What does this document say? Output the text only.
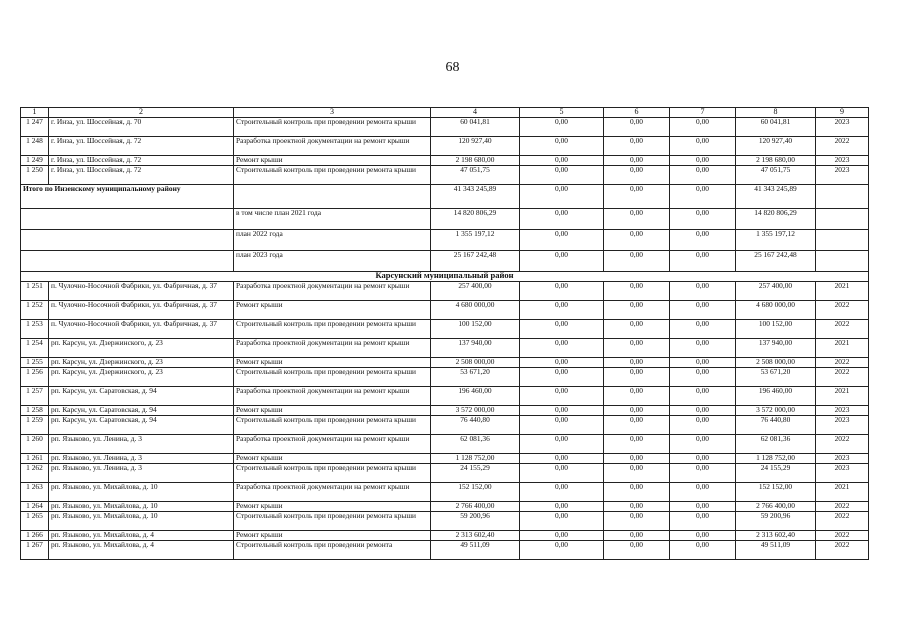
68
1	2	3	4	5	6	7	8	9
1 247	г. Инза, ул. Шоссейная, д. 70	Строительный контроль при проведении ремонта крыши	60 041,81	0,00	0,00	0,00	60 041,81	2023
1 248	г. Инза, ул. Шоссейная, д. 72	Разработка проектной документации на ремонт крыши	120 927,40	0,00	0,00	0,00	120 927,40	2022
1 249	г. Инза, ул. Шоссейная, д. 72	Ремонт крыши	2 198 680,00	0,00	0,00	0,00	2 198 680,00	2023
1 250	г. Инза, ул. Шоссейная, д. 72	Строительный контроль при проведении ремонта крыши	47 051,75	0,00	0,00	0,00	47 051,75	2023
Итого по Инзенскому муниципальному району			41 343 245,89	0,00	0,00	0,00	41 343 245,89	
		в том числе план 2021 года	14 820 806,29	0,00	0,00	0,00	14 820 806,29	
		план 2022 года	1 355 197,12	0,00	0,00	0,00	1 355 197,12	
		план 2023 года	25 167 242,48	0,00	0,00	0,00	25 167 242,48	
Карсунский муниципальный район								
1 251	п. Чулочно-Носочной Фабрики, ул. Фабричная, д. 37	Разработка проектной документации на ремонт крыши	257 400,00	0,00	0,00	0,00	257 400,00	2021
1 252	п. Чулочно-Носочной Фабрики, ул. Фабричная, д. 37	Ремонт крыши	4 680 000,00	0,00	0,00	0,00	4 680 000,00	2022
1 253	п. Чулочно-Носочной Фабрики, ул. Фабричная, д. 37	Строительный контроль при проведении ремонта крыши	100 152,00	0,00	0,00	0,00	100 152,00	2022
1 254	рп. Карсун, ул. Дзержинского, д. 23	Разработка проектной документации на ремонт крыши	137 940,00	0,00	0,00	0,00	137 940,00	2021
1 255	рп. Карсун, ул. Дзержинского, д. 23	Ремонт крыши	2 508 000,00	0,00	0,00	0,00	2 508 000,00	2022
1 256	рп. Карсун, ул. Дзержинского, д. 23	Строительный контроль при проведении ремонта крыши	53 671,20	0,00	0,00	0,00	53 671,20	2022
1 257	рп. Карсун, ул. Саратовская, д. 94	Разработка проектной документации на ремонт крыши	196 460,00	0,00	0,00	0,00	196 460,00	2021
1 258	рп. Карсун, ул. Саратовская, д. 94	Ремонт крыши	3 572 000,00	0,00	0,00	0,00	3 572 000,00	2023
1 259	рп. Карсун, ул. Саратовская, д. 94	Строительный контроль при проведении ремонта крыши	76 440,80	0,00	0,00	0,00	76 440,80	2023
1 260	рп. Языково, ул. Ленина, д. 3	Разработка проектной документации на ремонт крыши	62 081,36	0,00	0,00	0,00	62 081,36	2022
1 261	рп. Языково, ул. Ленина, д. 3	Ремонт крыши	1 128 752,00	0,00	0,00	0,00	1 128 752,00	2023
1 262	рп. Языково, ул. Ленина, д. 3	Строительный контроль при проведении ремонта крыши	24 155,29	0,00	0,00	0,00	24 155,29	2023
1 263	рп. Языково, ул. Михайлова, д. 10	Разработка проектной документации на ремонт крыши	152 152,00	0,00	0,00	0,00	152 152,00	2021
1 264	рп. Языково, ул. Михайлова, д. 10	Ремонт крыши	2 766 400,00	0,00	0,00	0,00	2 766 400,00	2022
1 265	рп. Языково, ул. Михайлова, д. 10	Строительный контроль при проведении ремонта крыши	59 200,96	0,00	0,00	0,00	59 200,96	2022
1 266	рп. Языково, ул. Михайлова, д. 4	Ремонт крыши	2 313 602,40	0,00	0,00	0,00	2 313 602,40	2022
1 267	рп. Языково, ул. Михайлова, д. 4	Строительный контроль при проведении ремонта	49 511,09	0,00	0,00	0,00	49 511,09	2022
